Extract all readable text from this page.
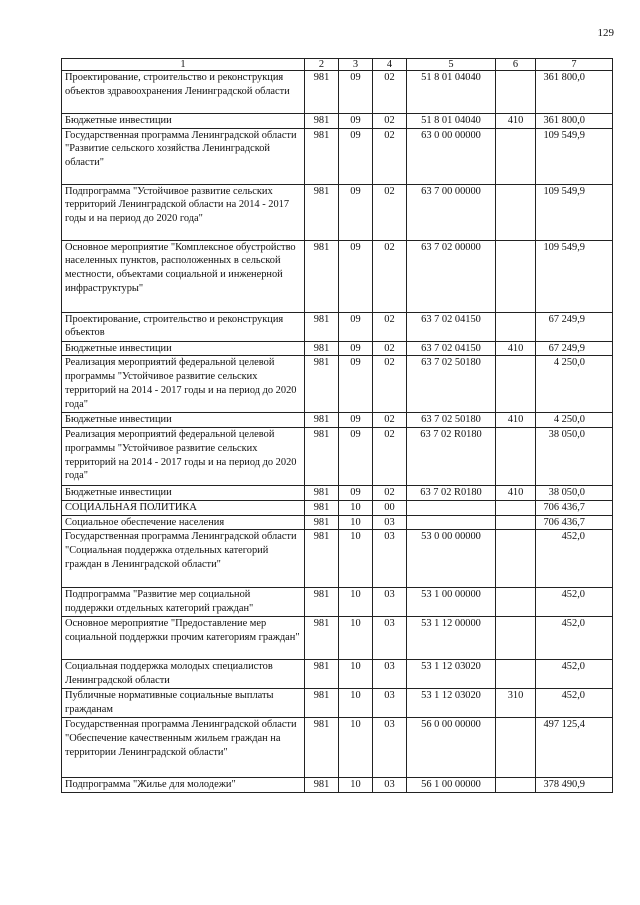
129
1	2	3	4	5	6	7
Проектирование, строительство и реконструкция объектов здравоохранения Ленинградской области	981	09	02	51 8 01 04040		361 800,0
Бюджетные инвестиции	981	09	02	51 8 01 04040	410	361 800,0
Государственная программа Ленинградской области "Развитие сельского хозяйства Ленинградской области"	981	09	02	63 0 00 00000		109 549,9
Подпрограмма "Устойчивое развитие сельских территорий Ленинградской области на 2014 - 2017 годы и на период до 2020 года"	981	09	02	63 7 00 00000		109 549,9
Основное мероприятие "Комплексное обустройство населенных пунктов, расположенных в сельской местности, объектами социальной и инженерной инфраструктуры"	981	09	02	63 7 02 00000		109 549,9
Проектирование, строительство и реконструкция объектов	981	09	02	63 7 02 04150		67 249,9
Бюджетные инвестиции	981	09	02	63 7 02 04150	410	67 249,9
Реализация мероприятий федеральной целевой программы "Устойчивое развитие сельских территорий на 2014 - 2017 годы и на период до 2020 года"	981	09	02	63 7 02 50180		4 250,0
Бюджетные инвестиции	981	09	02	63 7 02 50180	410	4 250,0
Реализация мероприятий федеральной целевой программы "Устойчивое развитие сельских территорий на 2014 - 2017 годы и на период до 2020 года"	981	09	02	63 7 02 R0180		38 050,0
Бюджетные инвестиции	981	09	02	63 7 02 R0180	410	38 050,0
СОЦИАЛЬНАЯ ПОЛИТИКА	981	10	00			706 436,7
Социальное обеспечение населения	981	10	03			706 436,7
Государственная программа Ленинградской области "Социальная поддержка отдельных категорий граждан в Ленинградской области"	981	10	03	53 0 00 00000		452,0
Подпрограмма "Развитие мер социальной поддержки отдельных категорий граждан"	981	10	03	53 1 00 00000		452,0
Основное мероприятие "Предоставление мер социальной поддержки прочим категориям граждан"	981	10	03	53 1 12 00000		452,0
Социальная поддержка молодых специалистов Ленинградской области	981	10	03	53 1 12 03020		452,0
Публичные нормативные социальные выплаты гражданам	981	10	03	53 1 12 03020	310	452,0
Государственная программа Ленинградской области "Обеспечение качественным жильем граждан на территории Ленинградской области"	981	10	03	56 0 00 00000		497 125,4
Подпрограмма "Жилье для молодежи"	981	10	03	56 1 00 00000		378 490,9
